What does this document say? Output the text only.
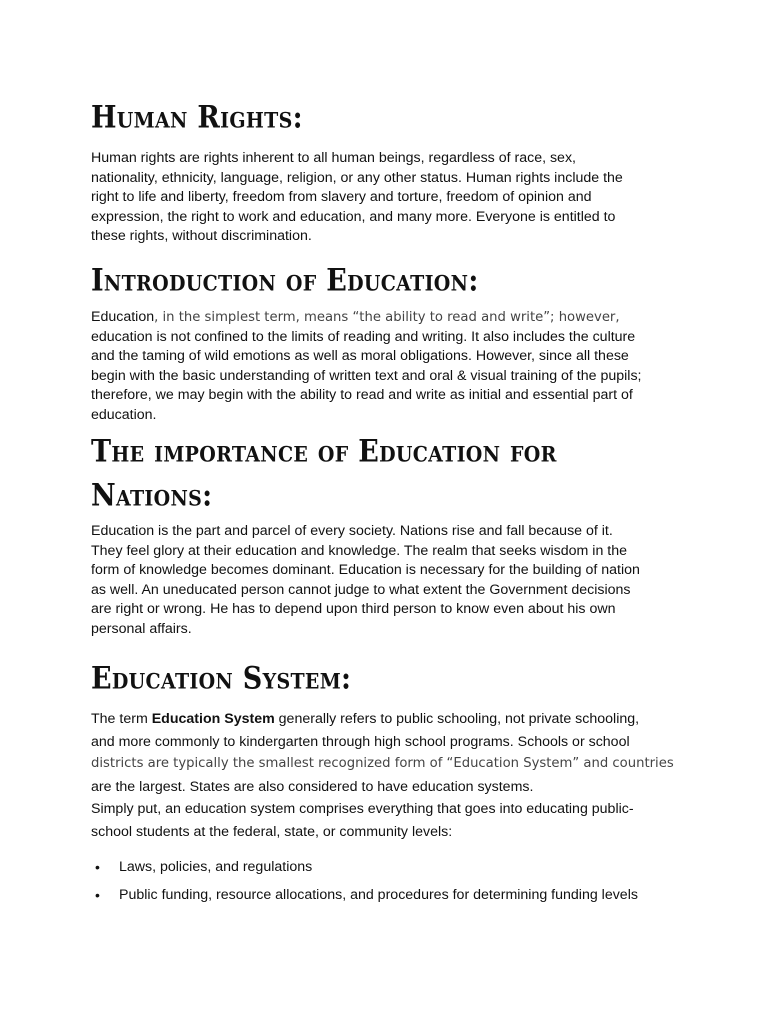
Human Rights:

Human rights are rights inherent to all human beings, regardless of race, sex,
nationality, ethnicity, language, religion, or any other status. Human rights include the
right to life and liberty, freedom from slavery and torture, freedom of opinion and
expression, the right to work and education, and many more. Everyone is entitled to
these rights, without discrimination.

Introduction of Education:

Education, in the simplest term, means “the ability to read and write”; however,
education is not confined to the limits of reading and writing. It also includes the culture
and the taming of wild emotions as well as moral obligations. However, since all these
begin with the basic understanding of written text and oral & visual training of the pupils;
therefore, we may begin with the ability to read and write as initial and essential part of
education.

The importance of Education for
Nations:

Education is the part and parcel of every society. Nations rise and fall because of it.
They feel glory at their education and knowledge. The realm that seeks wisdom in the
form of knowledge becomes dominant. Education is necessary for the building of nation
as well. An uneducated person cannot judge to what extent the Government decisions
are right or wrong. He has to depend upon third person to know even about his own
personal affairs.

Education System:

The term Education System generally refers to public schooling, not private schooling,
and more commonly to kindergarten through high school programs. Schools or school
districts are typically the smallest recognized form of “Education System” and countries
are the largest. States are also considered to have education systems.
Simply put, an education system comprises everything that goes into educating public-
school students at the federal, state, or community levels:

• Laws, policies, and regulations
• Public funding, resource allocations, and procedures for determining funding levels
